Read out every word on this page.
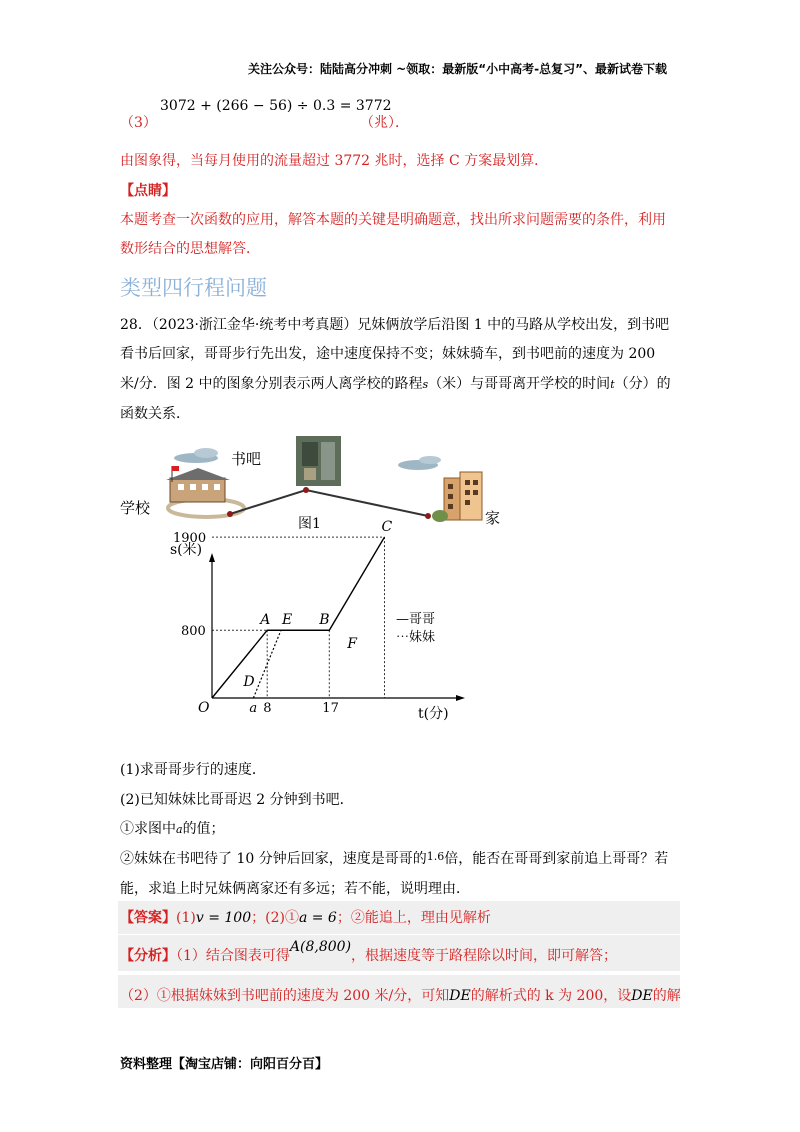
关注公众号：陆陆高分冲刺 ~领取：最新版“小中高考-总复习”、最新试卷下载
（3）
3072 + (266 − 56) ÷ 0.3 = 3772
（兆）．
由图象得，当每月使用的流量超过 3772 兆时，选择 C 方案最划算．
【点睛】
本题考查一次函数的应用，解答本题的关键是明确题意，找出所求问题需要的条件，利用
数形结合的思想解答．
类型四行程问题
28．（2023·浙江金华·统考中考真题）兄妹俩放学后沿图 1 中的马路从学校出发，到书吧
看书后回家，哥哥步行先出发，途中速度保持不变；妹妹骑车，到书吧前的速度为 200
米/分．图 2 中的图象分别表示两人离学校的路程s（米）与哥哥离开学校的时间t（分）的
函数关系．
书吧
学校
家
图1
s(米)
t(分)
O
1900
800
a 8	17
A E B
C
D
F
—哥哥
⋯妹妹
(1)求哥哥步行的速度．
(2)已知妹妹比哥哥迟 2 分钟到书吧．
①求图中a的值；
②妹妹在书吧待了 10 分钟后回家，速度是哥哥的$^{1.6}$倍，能否在哥哥到家前追上哥哥？若
能，求追上时兄妹俩离家还有多远；若不能，说明理由．
【答案】(1)v = 100；(2)①a = 6；②能追上，理由见解析
【分析】（1）结合图表可得A(8,800)，根据速度等于路程除以时间，即可解答；
（2）①根据妹妹到书吧前的速度为 200 米/分，可知DE的解析式的 k 为 200，设DE的解
资料整理【淘宝店铺：向阳百分百】
